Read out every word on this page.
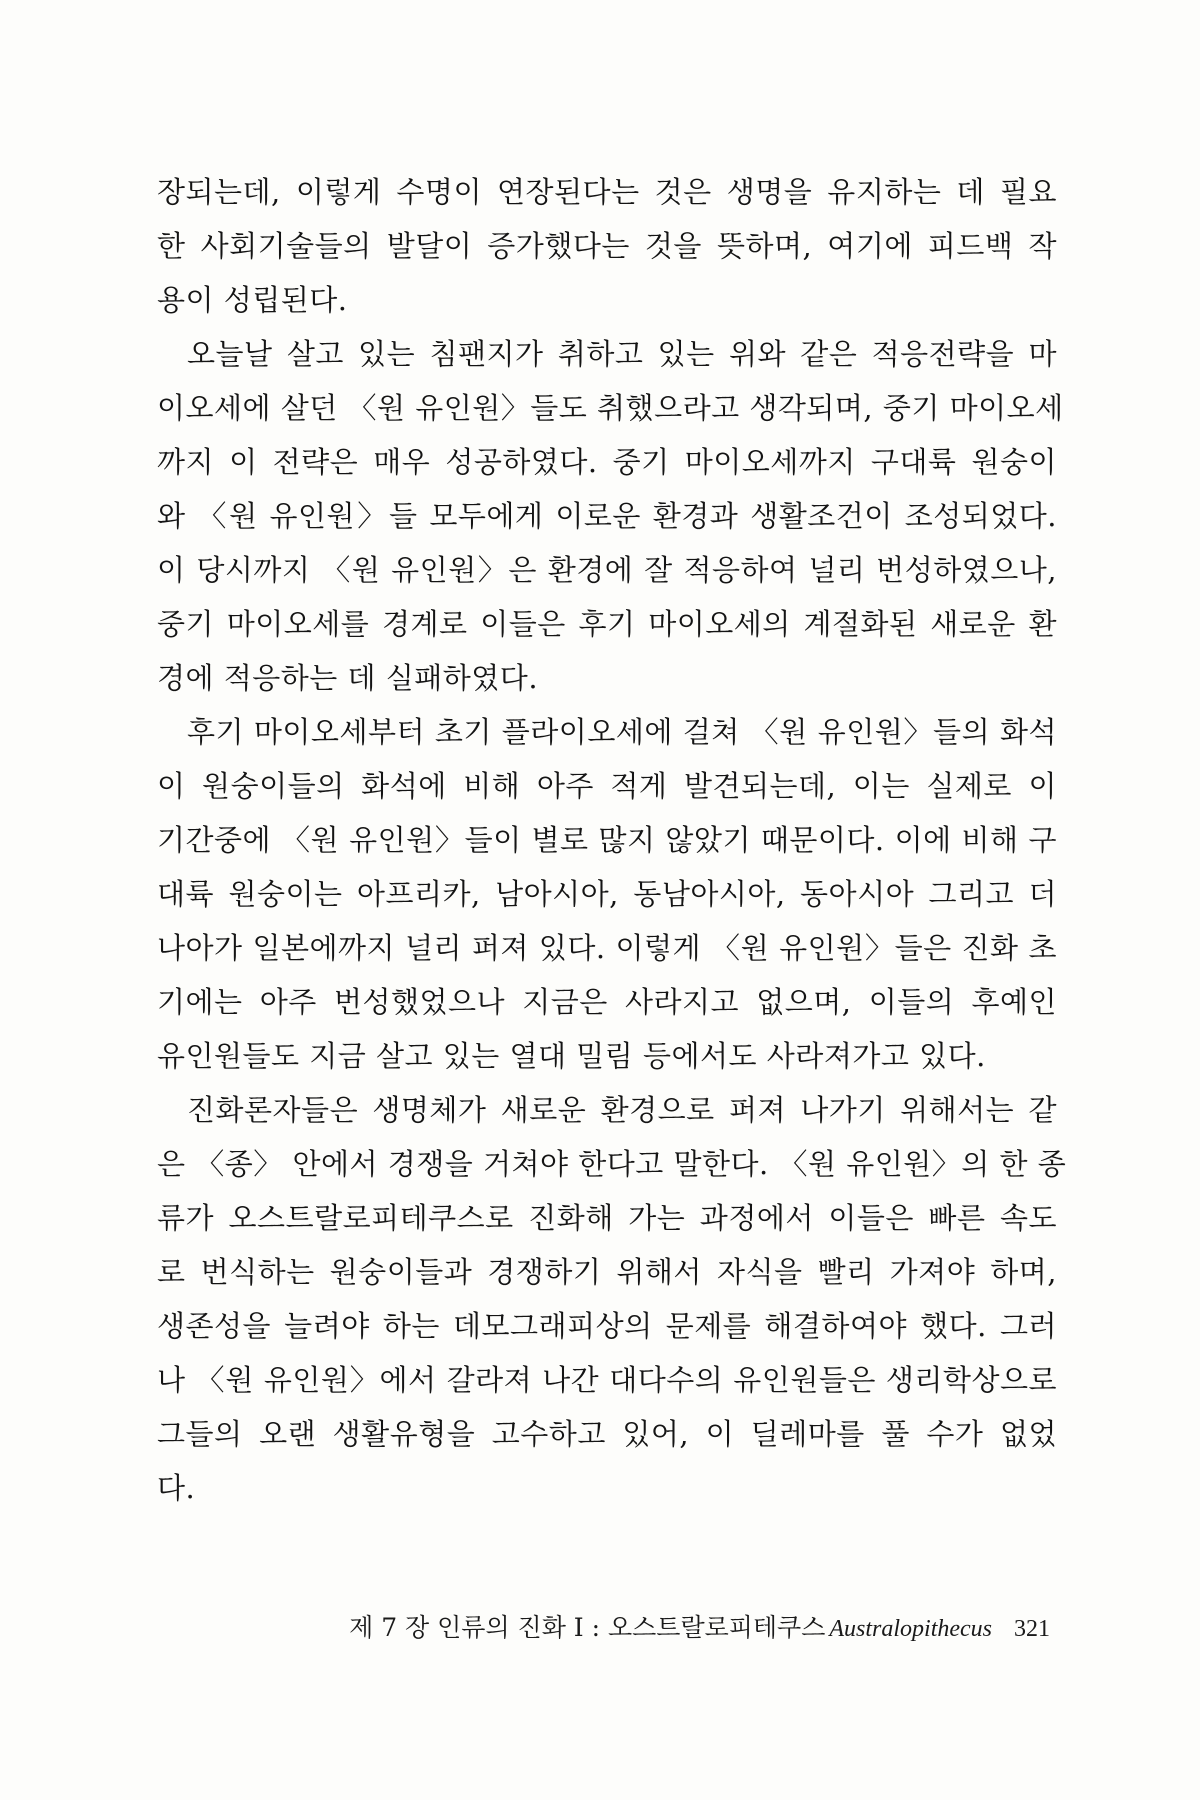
장되는데, 이렇게 수명이 연장된다는 것은 생명을 유지하는 데 필요
한 사회기술들의 발달이 증가했다는 것을 뜻하며, 여기에 피드백 작
용이 성립된다.
오늘날 살고 있는 침팬지가 취하고 있는 위와 같은 적응전략을 마
이오세에 살던 〈원 유인원〉들도 취했으라고 생각되며, 중기 마이오세
까지 이 전략은 매우 성공하였다. 중기 마이오세까지 구대륙 원숭이
와 〈원 유인원〉들 모두에게 이로운 환경과 생활조건이 조성되었다.
이 당시까지 〈원 유인원〉은 환경에 잘 적응하여 널리 번성하였으나,
중기 마이오세를 경계로 이들은 후기 마이오세의 계절화된 새로운 환
경에 적응하는 데 실패하였다.
후기 마이오세부터 초기 플라이오세에 걸쳐 〈원 유인원〉들의 화석
이 원숭이들의 화석에 비해 아주 적게 발견되는데, 이는 실제로 이
기간중에 〈원 유인원〉들이 별로 많지 않았기 때문이다. 이에 비해 구
대륙 원숭이는 아프리카, 남아시아, 동남아시아, 동아시아 그리고 더
나아가 일본에까지 널리 퍼져 있다. 이렇게 〈원 유인원〉들은 진화 초
기에는 아주 번성했었으나 지금은 사라지고 없으며, 이들의 후예인
유인원들도 지금 살고 있는 열대 밀림 등에서도 사라져가고 있다.
진화론자들은 생명체가 새로운 환경으로 퍼져 나가기 위해서는 같
은 〈종〉 안에서 경쟁을 거쳐야 한다고 말한다. 〈원 유인원〉의 한 종
류가 오스트랄로피테쿠스로 진화해 가는 과정에서 이들은 빠른 속도
로 번식하는 원숭이들과 경쟁하기 위해서 자식을 빨리 가져야 하며,
생존성을 늘려야 하는 데모그래피상의 문제를 해결하여야 했다. 그러
나 〈원 유인원〉에서 갈라져 나간 대다수의 유인원들은 생리학상으로
그들의 오랜 생활유형을 고수하고 있어, 이 딜레마를 풀 수가 없었
다.
제 7 장 인류의 진화 Ⅰ : 오스트랄로피테쿠스 Australopithecus 321
